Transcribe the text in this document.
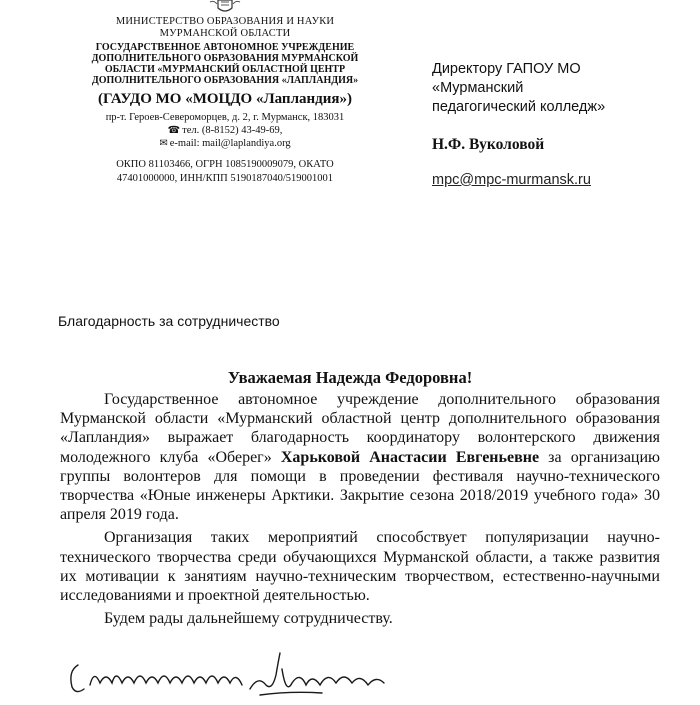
МИНИСТЕРСТВО ОБРАЗОВАНИЯ И НАУКИ
МУРМАНСКОЙ ОБЛАСТИ
ГОСУДАРСТВЕННОЕ АВТОНОМНОЕ УЧРЕЖДЕНИЕ
ДОПОЛНИТЕЛЬНОГО ОБРАЗОВАНИЯ МУРМАНСКОЙ
ОБЛАСТИ «МУРМАНСКИЙ ОБЛАСТНОЙ ЦЕНТР
ДОПОЛНИТЕЛЬНОГО ОБРАЗОВАНИЯ «ЛАПЛАНДИЯ»
(ГАУДО МО «МОЦДО «Лапландия»)
пр-т. Героев-Североморцев, д. 2, г. Мурманск, 183031
☎ тел. (8-8152) 43-49-69,
✉ e-mail: mail@laplandiya.org
ОКПО 81103466, ОГРН 1085190009079, ОКАТО
47401000000, ИНН/КПП 5190187040/519001001
Директору ГАПОУ МО
«Мурманский
педагогический колледж»
Н.Ф. Вуколовой
mpc@mpc-murmansk.ru
Благодарность за сотрудничество
Уважаемая Надежда Федоровна!

Государственное автономное учреждение дополнительного образования Мурманской области «Мурманский областной центр дополнительного образования «Лапландия» выражает благодарность координатору волонтерского движения молодежного клуба «Оберег» Харьковой Анастасии Евгеньевне за организацию группы волонтеров для помощи в проведении фестиваля научно-технического творчества «Юные инженеры Арктики. Закрытие сезона 2018/2019 учебного года» 30 апреля 2019 года.

Организация таких мероприятий способствует популяризации научно-технического творчества среди обучающихся Мурманской области, а также развития их мотивации к занятиям научно-техническим творчеством, естественно-научными исследованиями и проектной деятельностью.

Будем рады дальнейшему сотрудничеству.
